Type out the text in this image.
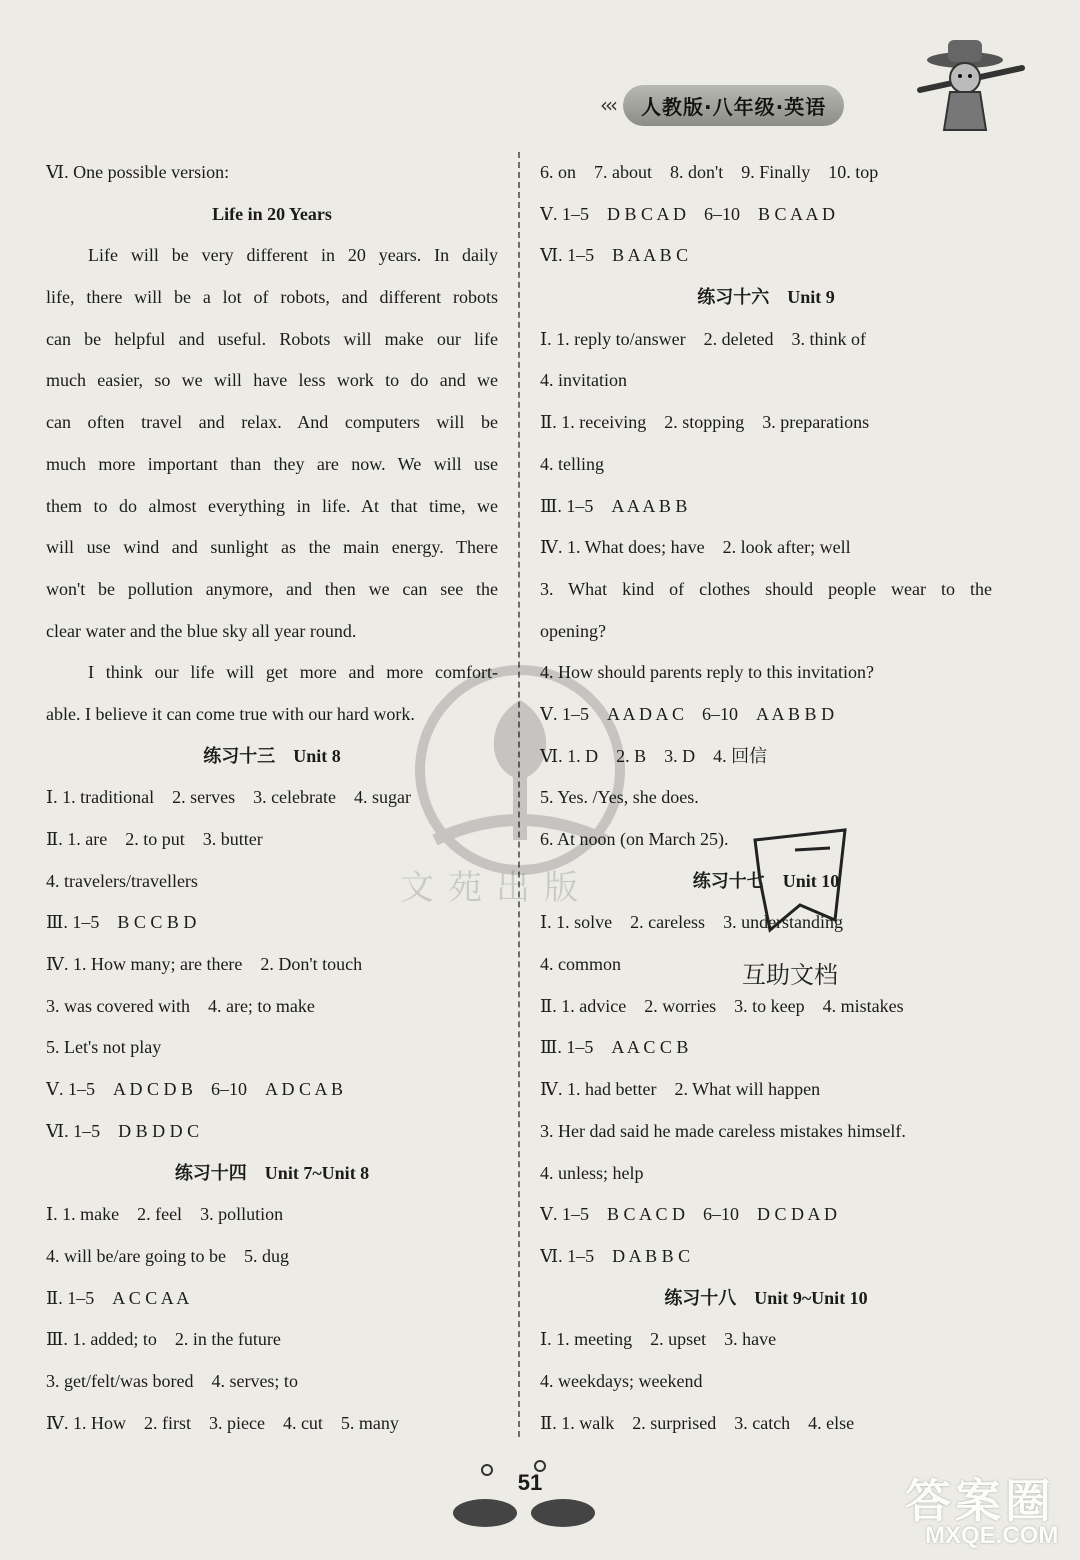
‹‹‹	人教版·八年级·英语
Ⅵ. One possible version:
Life in 20 Years
Life will be very different in 20 years. In daily
life, there will be a lot of robots, and different robots
can be helpful and useful. Robots will make our life
much easier, so we will have less work to do and we
can often travel and relax. And computers will be
much more important than they are now. We will use
them to do almost everything in life. At that time, we
will use wind and sunlight as the main energy. There
won't be pollution anymore, and then we can see the
clear water and the blue sky all year round.
I think our life will get more and more comfort-
able. I believe it can come true with our hard work.
练习十三　Unit 8
Ⅰ. 1. traditional　2. serves　3. celebrate　4. sugar
Ⅱ. 1. are　2. to put　3. butter
4. travelers/travellers
Ⅲ. 1–5　B C C B D
Ⅳ. 1. How many; are there　2. Don't touch
3. was covered with　4. are; to make
5. Let's not play
Ⅴ. 1–5　A D C D B　6–10　A D C A B
Ⅵ. 1–5　D B D D C
练习十四　Unit 7~Unit 8
Ⅰ. 1. make　2. feel　3. pollution
4. will be/are going to be　5. dug
Ⅱ. 1–5　A C C A A
Ⅲ. 1. added; to　2. in the future
3. get/felt/was bored　4. serves; to
Ⅳ. 1. How　2. first　3. piece　4. cut　5. many
6. on　7. about　8. don't　9. Finally　10. top
Ⅴ. 1–5　D B C A D　6–10　B C A A D
Ⅵ. 1–5　B A A B C
练习十六　Unit 9
Ⅰ. 1. reply to/answer　2. deleted　3. think of
4. invitation
Ⅱ. 1. receiving　2. stopping　3. preparations
4. telling
Ⅲ. 1–5　A A A B B
Ⅳ. 1. What does; have　2. look after; well
3. What kind of clothes should people wear to the
opening?
4. How should parents reply to this invitation?
Ⅴ. 1–5　A A D A C　6–10　A A B B D
Ⅵ. 1. D　2. B　3. D　4. 回信
5. Yes. /Yes, she does.
6. At noon (on March 25).
练习十七　Unit 10
Ⅰ. 1. solve　2. careless　3. understanding
4. common
Ⅱ. 1. advice　2. worries　3. to keep　4. mistakes
Ⅲ. 1–5　A A C C B
Ⅳ. 1. had better　2. What will happen
3. Her dad said he made careless mistakes himself.
4. unless; help
Ⅴ. 1–5　B C A C D　6–10　D C D A D
Ⅵ. 1–5　D A B B C
练习十八　Unit 9~Unit 10
Ⅰ. 1. meeting　2. upset　3. have
4. weekdays; weekend
Ⅱ. 1. walk　2. surprised　3. catch　4. else
文苑出版
互助文档
51	答案圈
MXQE.COM
